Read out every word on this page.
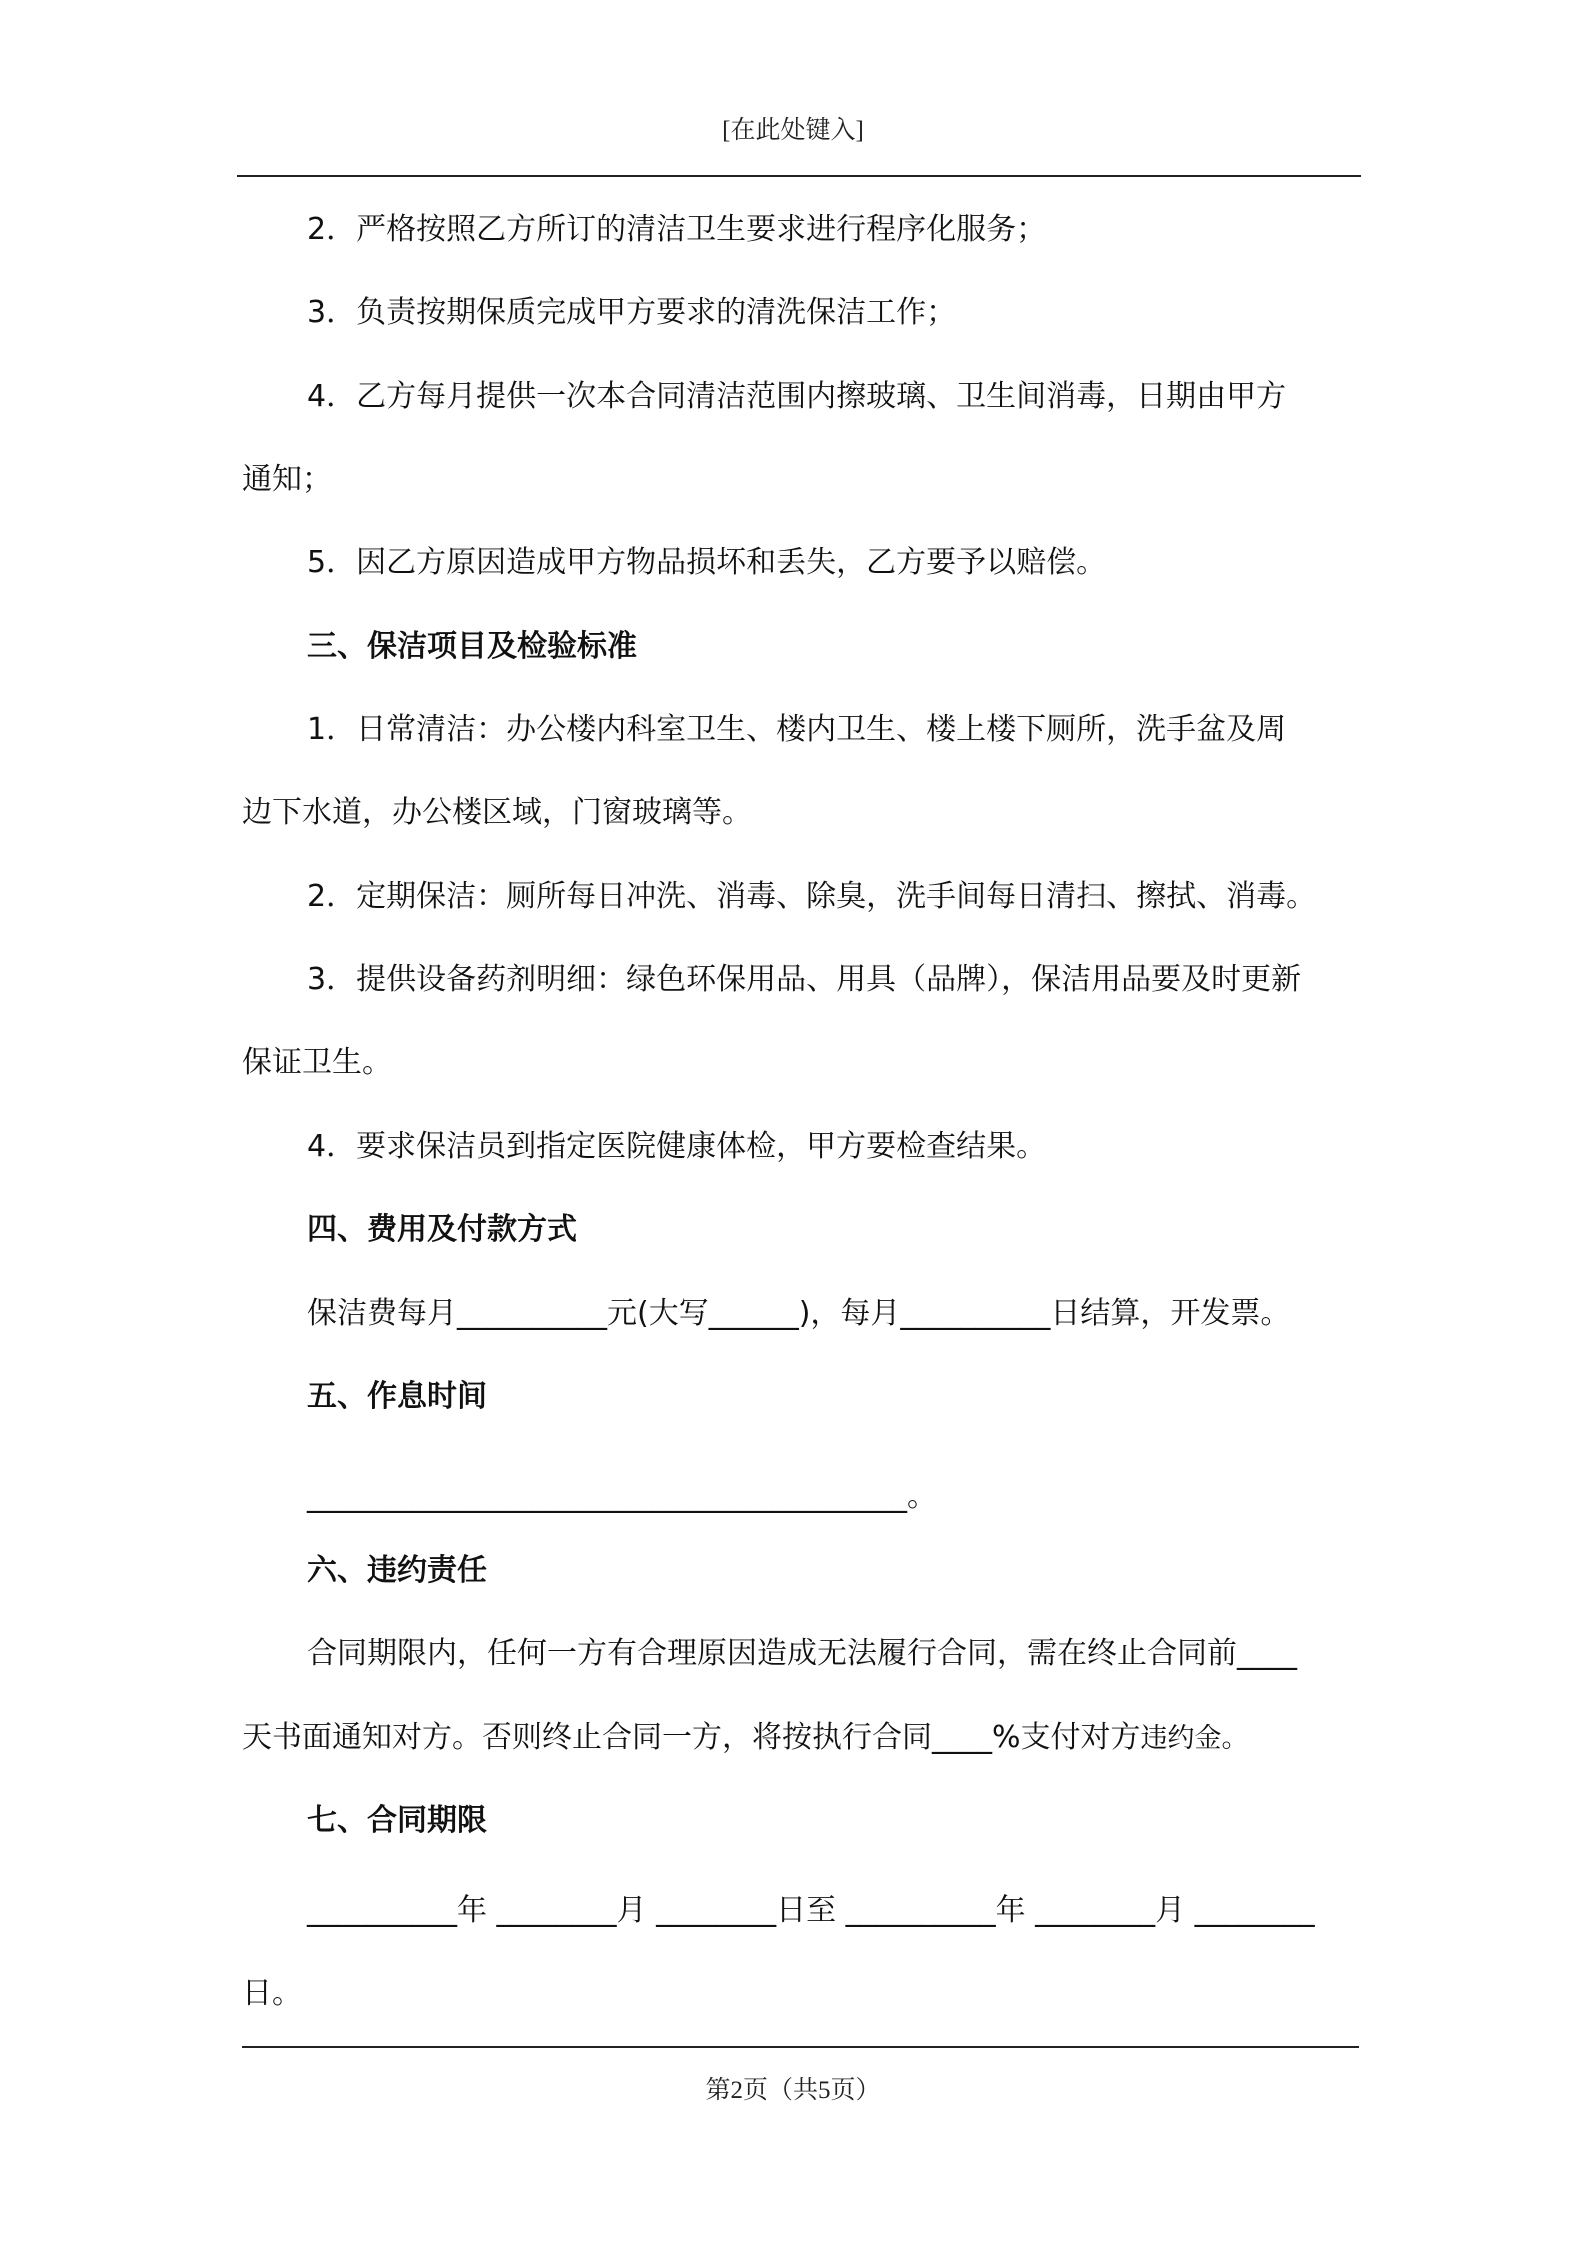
[在此处键入]
2．严格按照乙方所订的清洁卫生要求进行程序化服务；
3．负责按期保质完成甲方要求的清洗保洁工作；
4．乙方每月提供一次本合同清洁范围内擦玻璃、卫生间消毒，日期由甲方
通知；
5．因乙方原因造成甲方物品损坏和丢失，乙方要予以赔偿。
三、保洁项目及检验标准
1．日常清洁：办公楼内科室卫生、楼内卫生、楼上楼下厕所，洗手盆及周
边下水道，办公楼区域，门窗玻璃等。
2．定期保洁：厕所每日冲洗、消毒、除臭，洗手间每日清扫、擦拭、消毒。
3．提供设备药剂明细：绿色环保用品、用具（品牌），保洁用品要及时更新
保证卫生。
4．要求保洁员到指定医院健康体检，甲方要检查结果。
四、费用及付款方式
保洁费每月__________元(大写______)，每月__________日结算，开发票。
五、作息时间
________________________________________。
六、违约责任
合同期限内，任何一方有合理原因造成无法履行合同，需在终止合同前____
天书面通知对方。否则终止合同一方，将按执行合同____%支付对方违约金。
七、合同期限
__________年 ________月 ________日至 __________年 ________月 ________
日。
第2页（共5页）
